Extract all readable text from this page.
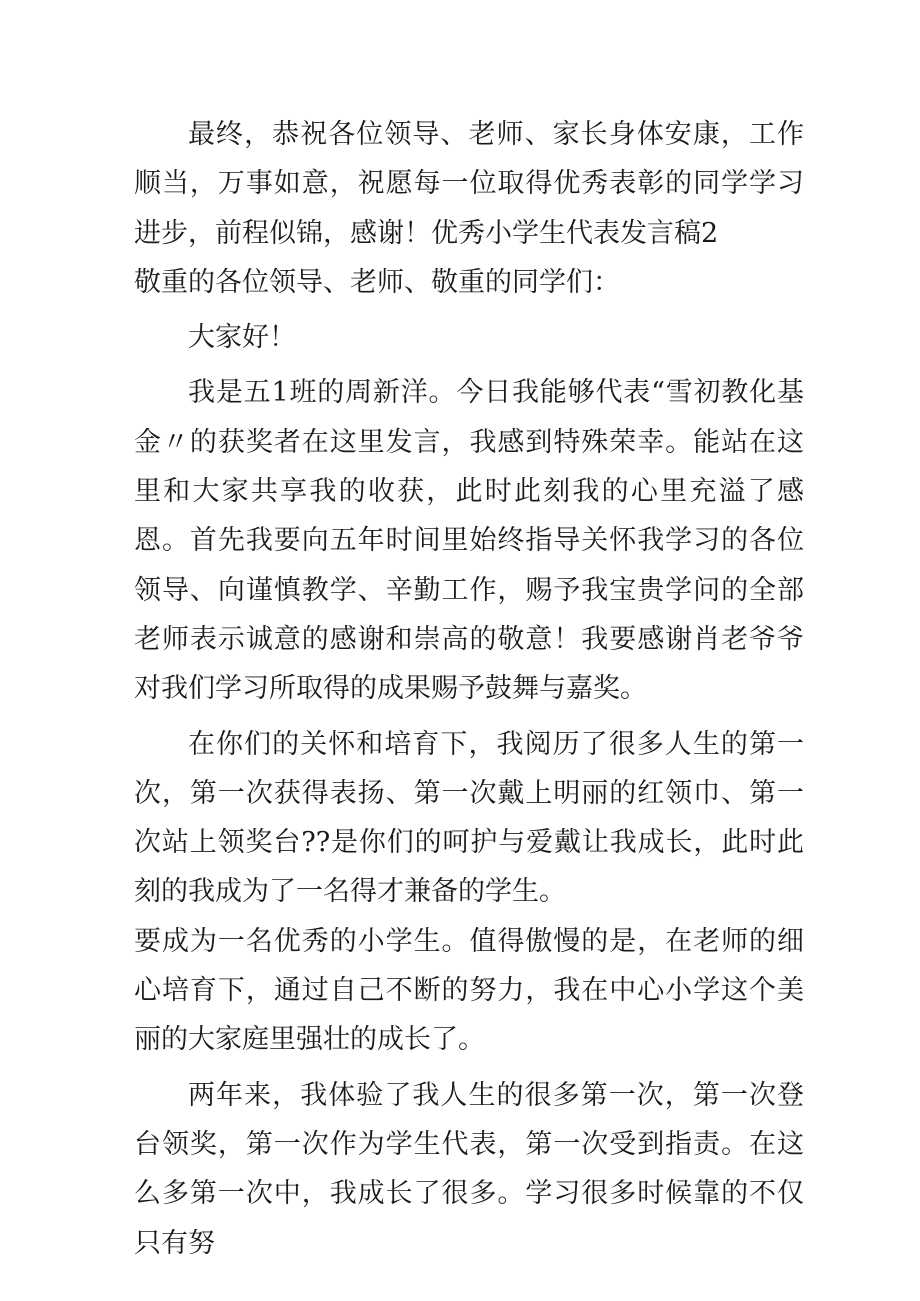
最终，恭祝各位领导、老师、家长身体安康，工作顺当，万事如意，祝愿每一位取得优秀表彰的同学学习进步，前程似锦，感谢！优秀小学生代表发言稿2

敬重的各位领导、老师、敬重的同学们：

大家好！

我是五1班的周新洋。今日我能够代表“雪初教化基金〃的获奖者在这里发言，我感到特殊荣幸。能站在这里和大家共享我的收获，此时此刻我的心里充溢了感恩。首先我要向五年时间里始终指导关怀我学习的各位领导、向谨慎教学、辛勤工作，赐予我宝贵学问的全部老师表示诚意的感谢和崇高的敬意！我要感谢肖老爷爷对我们学习所取得的成果赐予鼓舞与嘉奖。

在你们的关怀和培育下，我阅历了很多人生的第一次，第一次获得表扬、第一次戴上明丽的红领巾、第一次站上领奖台??是你们的呵护与爱戴让我成长，此时此刻的我成为了一名得才兼备的学生。

要成为一名优秀的小学生。值得傲慢的是，在老师的细心培育下，通过自己不断的努力，我在中心小学这个美丽的大家庭里强壮的成长了。

两年来，我体验了我人生的很多第一次，第一次登台领奖，第一次作为学生代表，第一次受到指责。在这么多第一次中，我成长了很多。学习很多时候靠的不仅只有努
